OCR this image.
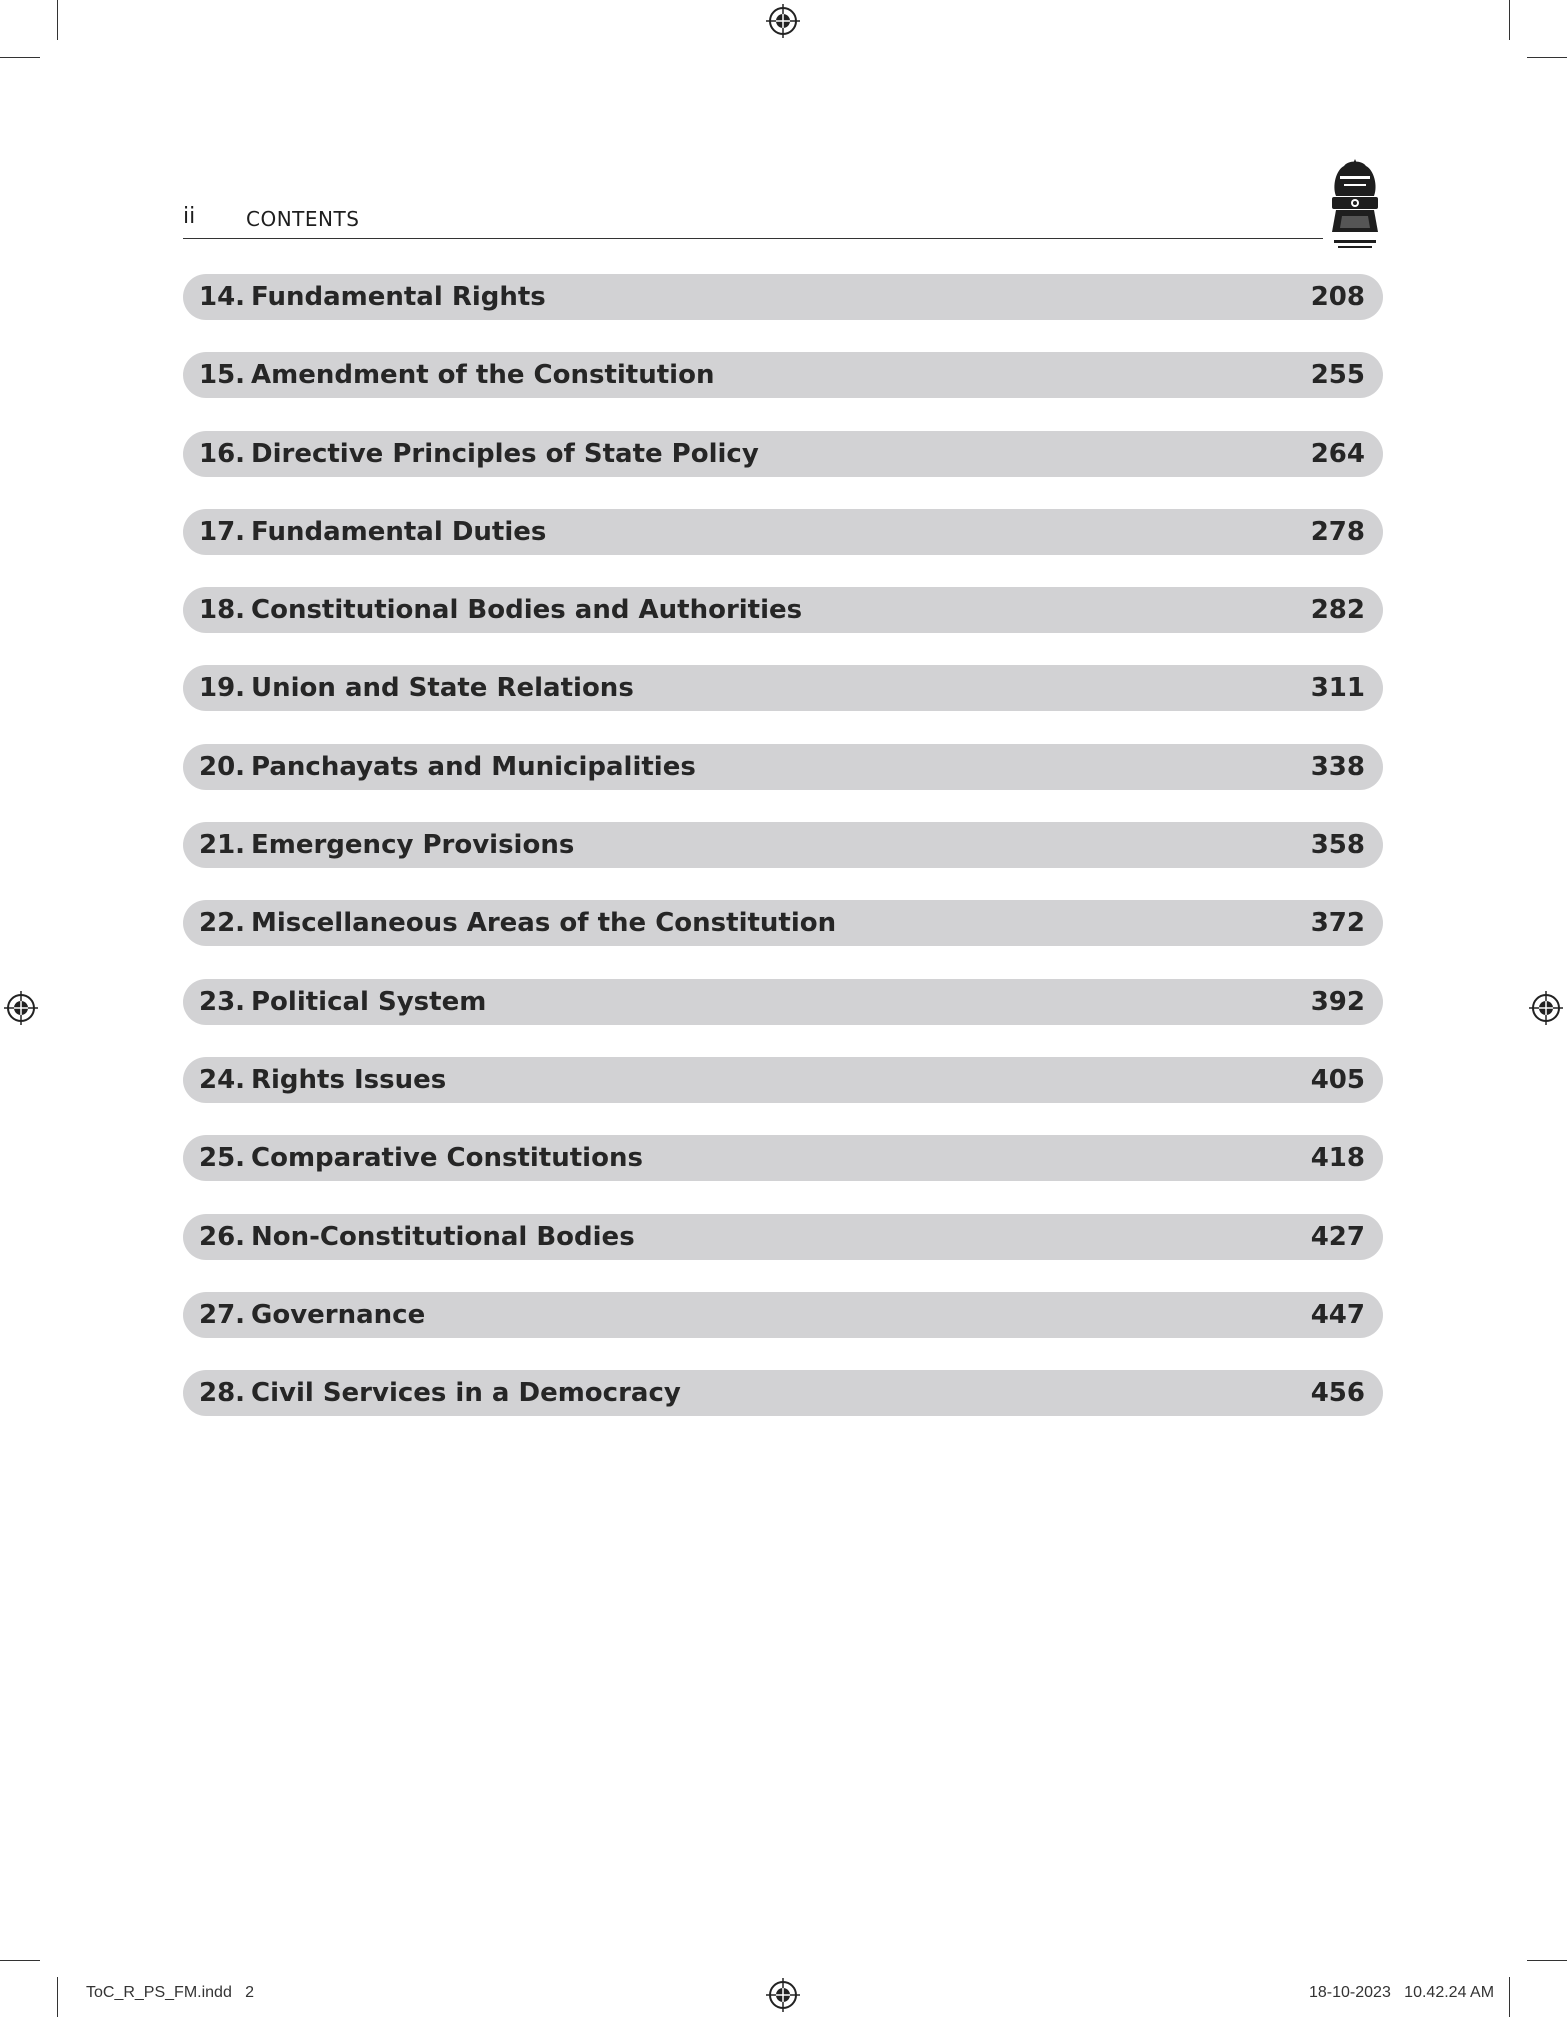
ii	CONTENTS
14. Fundamental Rights	208
15. Amendment of the Constitution	255
16. Directive Principles of State Policy	264
17. Fundamental Duties	278
18. Constitutional Bodies and Authorities	282
19. Union and State Relations	311
20. Panchayats and Municipalities	338
21. Emergency Provisions	358
22. Miscellaneous Areas of the Constitution	372
23. Political System	392
24. Rights Issues	405
25. Comparative Constitutions	418
26. Non-Constitutional Bodies	427
27. Governance	447
28. Civil Services in a Democracy	456
ToC_R_PS_FM.indd   2	18-10-2023   10.42.24 AM
